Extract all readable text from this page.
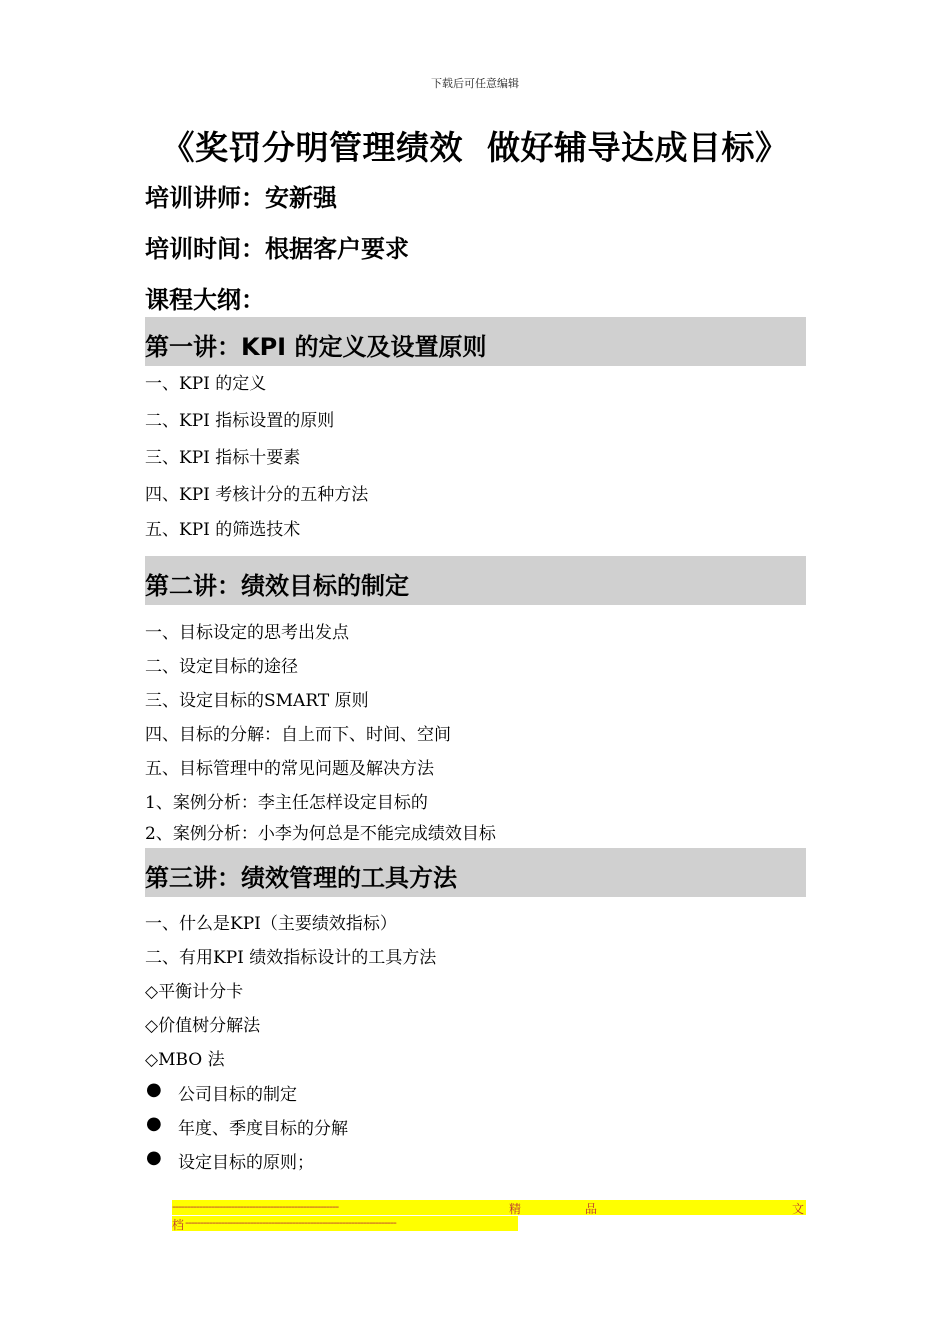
下载后可任意编辑
《奖罚分明管理绩效  做好辅导达成目标》
培训讲师：安新强
培训时间：根据客户要求
课程大纲：
第一讲：KPI 的定义及设置原则
一、KPI 的定义
二、KPI 指标设置的原则
三、KPI 指标十要素
四、KPI 考核计分的五种方法
五、KPI 的筛选技术
第二讲：绩效目标的制定
一、目标设定的思考出发点
二、设定目标的途径
三、设定目标的SMART 原则
四、目标的分解：自上而下、时间、空间
五、目标管理中的常见问题及解决方法
1、案例分析：李主任怎样设定目标的
2、案例分析：小李为何总是不能完成绩效目标
第三讲：绩效管理的工具方法
一、什么是KPI（主要绩效指标）
二、有用KPI 绩效指标设计的工具方法
◇平衡计分卡
◇价值树分解法
◇MBO 法
● 公司目标的制定
● 年度、季度目标的分解
● 设定目标的原则；
--------------------------------------------------------	精	品	文
档 -----------------------------------------------------------------------
